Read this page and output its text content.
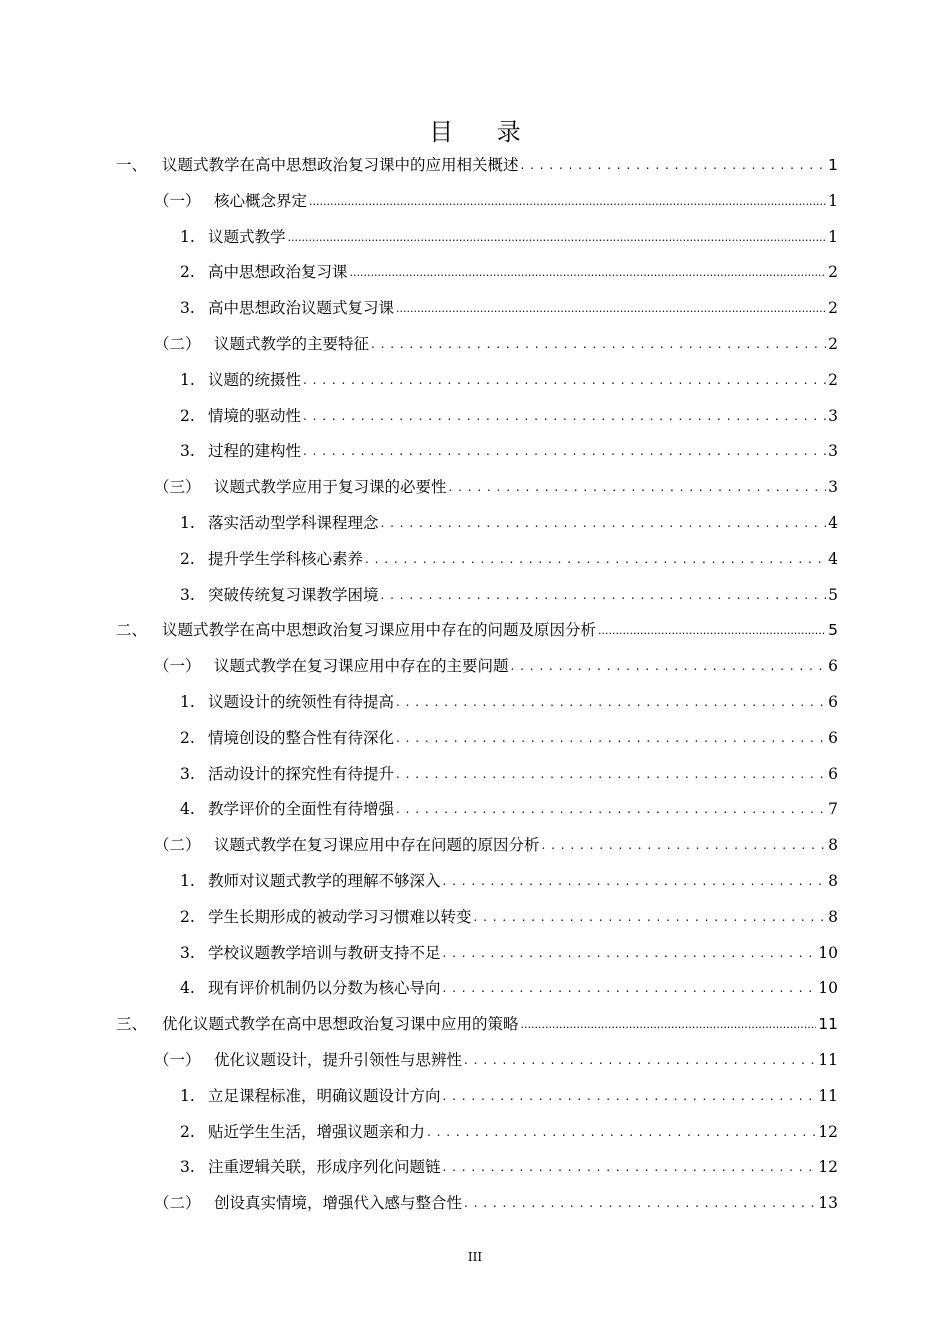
目 录
一、 议题式教学在高中思想政治复习课中的应用相关概述 . . .	1
（一） 核心概念界定 .....	1
1. 议题式教学 .....	1
2. 高中思想政治复习课 .....	2
3. 高中思想政治议题式复习课 .....	2
（二） 议题式教学的主要特征 . . .	2
1. 议题的统摄性 . . .	2
2. 情境的驱动性 . . .	3
3. 过程的建构性 . . .	3
（三） 议题式教学应用于复习课的必要性 . . .	3
1. 落实活动型学科课程理念 . . .	4
2. 提升学生学科核心素养 . . .	4
3. 突破传统复习课教学困境 . . .	5
二、 议题式教学在高中思想政治复习课应用中存在的问题及原因分析 .....	5
（一） 议题式教学在复习课应用中存在的主要问题 . . .	6
1. 议题设计的统领性有待提高 . . .	6
2. 情境创设的整合性有待深化 . . .	6
3. 活动设计的探究性有待提升 . . .	6
4. 教学评价的全面性有待增强 . . .	7
（二） 议题式教学在复习课应用中存在问题的原因分析 . . .	8
1. 教师对议题式教学的理解不够深入 . . .	8
2. 学生长期形成的被动学习习惯难以转变 . . .	8
3. 学校议题教学培训与教研支持不足 . . .	10
4. 现有评价机制仍以分数为核心导向 . . .	10
三、 优化议题式教学在高中思想政治复习课中应用的策略 .....	11
（一） 优化议题设计，提升引领性与思辨性 . . .	11
1. 立足课程标准，明确议题设计方向 . . .	11
2. 贴近学生生活，增强议题亲和力 . . .	12
3. 注重逻辑关联，形成序列化问题链 . . .	12
（二） 创设真实情境，增强代入感与整合性 . . .	13
III
